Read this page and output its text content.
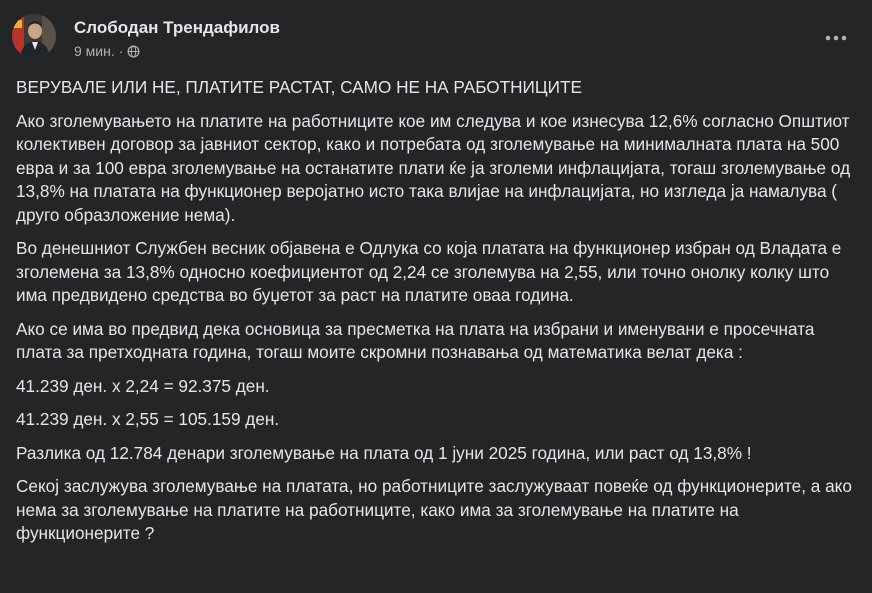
Слободан Трендафилов
9 мин. ·

ВЕРУВАЛЕ ИЛИ НЕ, ПЛАТИТЕ РАСТАТ, САМО НЕ НА РАБОТНИЦИТЕ

Ако зголемувањето на платите на работниците кое им следува и кое изнесува 12,6% согласно Општиот колективен договор за јавниот сектор, како и потребата од зголемување на минималната плата на 500 евра и за 100 евра зголемување на останатите плати ќе ја зголеми инфлацијата, тогаш зголемување од 13,8% на платата на функционер веројатно исто така влијае на инфлацијата, но изгледа ја намалува ( друго образложение нема).

Во денешниот Службен весник објавена е Одлука со која платата на функционер избран од Владата е зголемена за 13,8% односно коефициентот од 2,24 се зголемува на 2,55, или точно онолку колку што има предвидено средства во буџетот за раст на платите оваа година.

Ако се има во предвид дека основица за пресметка на плата на избрани и именувани е просечната плата за претходната година, тогаш моите скромни познавања од математика велат дека :

41.239 ден. х 2,24 = 92.375 ден.

41.239 ден. х 2,55 = 105.159 ден.

Разлика од 12.784 денари зголемување на плата од 1 јуни 2025 година, или раст од 13,8% !

Секој заслужува зголемување на платата, но работниците заслужуваат повеќе од функционерите, а ако нема за зголемување на платите на работниците, како има за зголемување на платите на функционерите ?
